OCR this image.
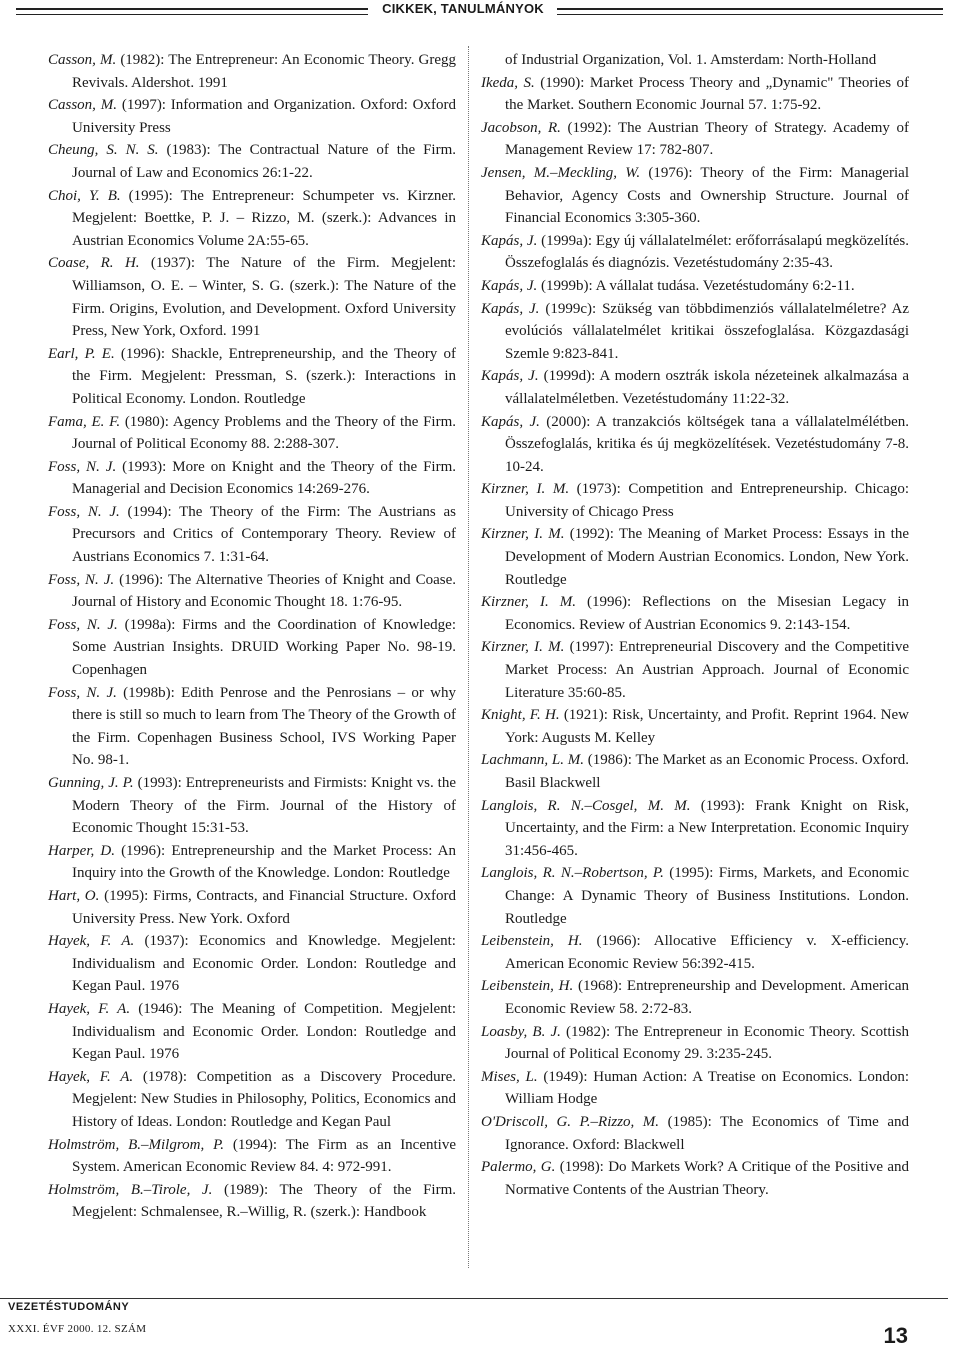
CIKKEK, TANULMÁNYOK

Casson, M. (1982): The Entrepreneur: An Economic Theory. Gregg Revivals. Aldershot. 1991

Casson, M. (1997): Information and Organization. Oxford: Oxford University Press

Cheung, S. N. S. (1983): The Contractual Nature of the Firm. Journal of Law and Economics 26:1-22.

Choi, Y. B. (1995): The Entrepreneur: Schumpeter vs. Kirzner. Megjelent: Boettke, P. J. – Rizzo, M. (szerk.): Advances in Austrian Economics Volume 2A:55-65.

Coase, R. H. (1937): The Nature of the Firm. Megjelent: Williamson, O. E. – Winter, S. G. (szerk.): The Nature of the Firm. Origins, Evolution, and Development. Oxford University Press, New York, Oxford. 1991

Earl, P. E. (1996): Shackle, Entrepreneurship, and the Theory of the Firm. Megjelent: Pressman, S. (szerk.): Interactions in Political Economy. London. Routledge

Fama, E. F. (1980): Agency Problems and the Theory of the Firm. Journal of Political Economy 88. 2:288-307.

Foss, N. J. (1993): More on Knight and the Theory of the Firm. Managerial and Decision Economics 14:269-276.

Foss, N. J. (1994): The Theory of the Firm: The Austrians as Precursors and Critics of Contemporary Theory. Review of Austrians Economics 7. 1:31-64.

Foss, N. J. (1996): The Alternative Theories of Knight and Coase. Journal of History and Economic Thought 18. 1:76-95.

Foss, N. J. (1998a): Firms and the Coordination of Knowledge: Some Austrian Insights. DRUID Working Paper No. 98-19. Copenhagen

Foss, N. J. (1998b): Edith Penrose and the Penrosians – or why there is still so much to learn from The Theory of the Growth of the Firm. Copenhagen Business School, IVS Working Paper No. 98-1.

Gunning, J. P. (1993): Entrepreneurists and Firmists: Knight vs. the Modern Theory of the Firm. Journal of the History of Economic Thought 15:31-53.

Harper, D. (1996): Entrepreneurship and the Market Process: An Inquiry into the Growth of the Knowledge. London: Routledge

Hart, O. (1995): Firms, Contracts, and Financial Structure. Oxford University Press. New York. Oxford

Hayek, F. A. (1937): Economics and Knowledge. Megjelent: Individualism and Economic Order. London: Routledge and Kegan Paul. 1976

Hayek, F. A. (1946): The Meaning of Competition. Megjelent: Individualism and Economic Order. London: Routledge and Kegan Paul. 1976

Hayek, F. A. (1978): Competition as a Discovery Procedure. Megjelent: New Studies in Philosophy, Politics, Economics and History of Ideas. London: Routledge and Kegan Paul

Holmström, B.–Milgrom, P. (1994): The Firm as an Incentive System. American Economic Review 84. 4: 972-991.

Holmström, B.–Tirole, J. (1989): The Theory of the Firm. Megjelent: Schmalensee, R.–Willig, R. (szerk.): Handbook

of Industrial Organization, Vol. 1. Amsterdam: North-Holland

Ikeda, S. (1990): Market Process Theory and „Dynamic" Theories of the Market. Southern Economic Journal 57. 1:75-92.

Jacobson, R. (1992): The Austrian Theory of Strategy. Academy of Management Review 17: 782-807.

Jensen, M.–Meckling, W. (1976): Theory of the Firm: Managerial Behavior, Agency Costs and Ownership Structure. Journal of Financial Economics 3:305-360.

Kapás, J. (1999a): Egy új vállalatelmélet: erőforrásalapú megközelítés. Összefoglalás és diagnózis. Vezetéstudomány 2:35-43.

Kapás, J. (1999b): A vállalat tudása. Vezetéstudomány 6:2-11.

Kapás, J. (1999c): Szükség van többdimenziós vállalatelméletre? Az evolúciós vállalatelmélet kritikai összefoglalása. Közgazdasági Szemle 9:823-841.

Kapás, J. (1999d): A modern osztrák iskola nézeteinek alkalmazása a vállalatelméletben. Vezetéstudomány 11:22-32.

Kapás, J. (2000): A tranzakciós költségek tana a vállalatelmélétben. Összefoglalás, kritika és új megközelítések. Vezetéstudomány 7-8. 10-24.

Kirzner, I. M. (1973): Competition and Entrepreneurship. Chicago: University of Chicago Press

Kirzner, I. M. (1992): The Meaning of Market Process: Essays in the Development of Modern Austrian Economics. London, New York. Routledge

Kirzner, I. M. (1996): Reflections on the Misesian Legacy in Economics. Review of Austrian Economics 9. 2:143-154.

Kirzner, I. M. (1997): Entrepreneurial Discovery and the Competitive Market Process: An Austrian Approach. Journal of Economic Literature 35:60-85.

Knight, F. H. (1921): Risk, Uncertainty, and Profit. Reprint 1964. New York: Augusts M. Kelley

Lachmann, L. M. (1986): The Market as an Economic Process. Oxford. Basil Blackwell

Langlois, R. N.–Cosgel, M. M. (1993): Frank Knight on Risk, Uncertainty, and the Firm: a New Interpretation. Economic Inquiry 31:456-465.

Langlois, R. N.–Robertson, P. (1995): Firms, Markets, and Economic Change: A Dynamic Theory of Business Institutions. London. Routledge

Leibenstein, H. (1966): Allocative Efficiency v. X-efficiency. American Economic Review 56:392-415.

Leibenstein, H. (1968): Entrepreneurship and Development. American Economic Review 58. 2:72-83.

Loasby, B. J. (1982): The Entrepreneur in Economic Theory. Scottish Journal of Political Economy 29. 3:235-245.

Mises, L. (1949): Human Action: A Treatise on Economics. London: William Hodge

O'Driscoll, G. P.–Rizzo, M. (1985): The Economics of Time and Ignorance. Oxford: Blackwell

Palermo, G. (1998): Do Markets Work? A Critique of the Positive and Normative Contents of the Austrian Theory.

VEZETÉSTUDOMÁNY
XXXI. ÉVF 2000. 12. SZÁM	13
